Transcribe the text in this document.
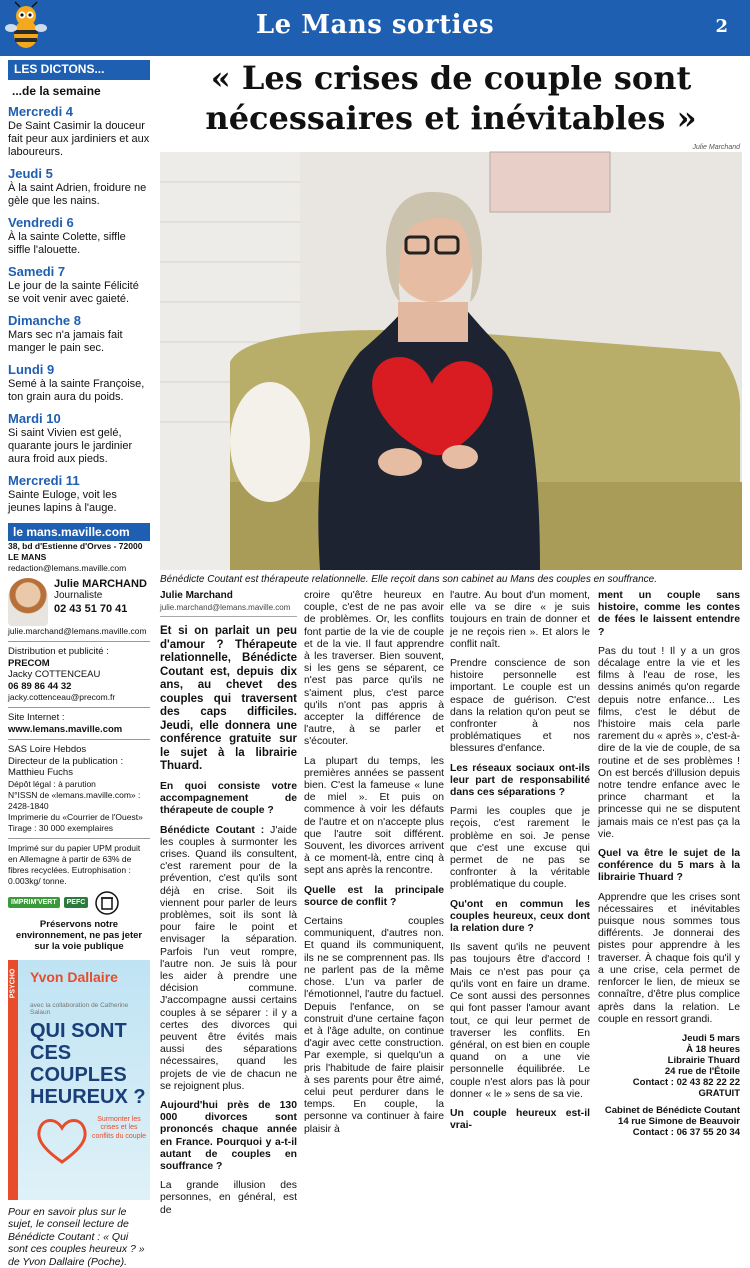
Le Mans sorties	2
LES DICTONS...
...de la semaine
Mercredi 4

De Saint Casimir la douceur fait peur aux jardiniers et aux laboureurs.

Jeudi 5

À la saint Adrien, froidure ne gèle que les nains.

Vendredi 6

À la sainte Colette, siffle siffle l'alouette.

Samedi 7

Le jour de la sainte Félicité se voit venir avec gaieté.

Dimanche 8

Mars sec n'a jamais fait manger le pain sec.

Lundi 9

Semé à la sainte Françoise, ton grain aura du poids.

Mardi 10

Si saint Vivien est gelé, quarante jours le jardinier aura froid aux pieds.

Mercredi 11

Sainte Euloge, voit les jeunes lapins à l'auge.

le mans.maville.com
38, bd d'Estienne d'Orves - 72000 LE MANS
redaction@lemans.maville.com
Julie MARCHAND
Journaliste
02 43 51 70 41
julie.marchand@lemans.maville.com
Distribution et publicité :
PRECOM
Jacky COTTENCEAU
06 89 86 44 32
jacky.cottenceau@precom.fr
Site Internet :
www.lemans.maville.com
SAS Loire Hebdos
Directeur de la publication :
Matthieu Fuchs
Dépôt légal : à parution
N°ISSN de «lemans.maville.com» : 2428-1840
Imprimerie du «Courrier de l'Ouest»
Tirage : 30 000 exemplaires
Imprimé sur du papier UPM produit en Allemagne à partir de 63% de fibres recyclées. Eutrophisation : 0.003kg/ tonne.
IMPRIM'VERT	PEFC
Préservons notre environnement, ne pas jeter sur la voie publique
PSYCHO Yvon Dallaire
avec la collaboration de Catherine Salaun
QUI SONT CES COUPLES HEUREUX ?
Surmonter les crises et les conflits du couple
Pour en savoir plus sur le sujet, le conseil lecture de Bénédicte Coutant : « Qui sont ces couples heureux ? » de Yvon Dallaire (Poche).
« Les crises de couple sont nécessaires et inévitables »
Julie Marchand
Bénédicte Coutant est thérapeute relationnelle. Elle reçoit dans son cabinet au Mans des couples en souffrance.
Julie Marchand
julie.marchand@lemans.maville.com

Et si on parlait un peu d'amour ? Thérapeute relationnelle, Bénédicte Coutant est, depuis dix ans, au chevet des couples qui traversent des caps difficiles. Jeudi, elle donnera une conférence gratuite sur le sujet à la librairie Thuard.

En quoi consiste votre accompagnement de thérapeute de couple ?

Bénédicte Coutant : J'aide les couples à surmonter les crises. Quand ils consultent, c'est rarement pour de la prévention, c'est qu'ils sont déjà en crise. Soit ils viennent pour parler de leurs problèmes, soit ils sont là pour faire le point et envisager la séparation. Parfois l'un veut rompre, l'autre non. Je suis là pour les aider à prendre une décision commune. J'accompagne aussi certains couples à se séparer : il y a certes des divorces qui peuvent être évités mais aussi des séparations nécessaires, quand les projets de vie de chacun ne se rejoignent plus.

Aujourd'hui près de 130 000 divorces sont prononcés chaque année en France. Pourquoi y a-t-il autant de couples en souffrance ?

La grande illusion des personnes, en général, est de

croire qu'être heureux en couple, c'est de ne pas avoir de problèmes. Or, les conflits font partie de la vie de couple et de la vie. Il faut apprendre à les traverser. Bien souvent, si les gens se séparent, ce n'est pas parce qu'ils ne s'aiment plus, c'est parce qu'ils n'ont pas appris à accepter la différence de l'autre, à se parler et s'écouter.

La plupart du temps, les premières années se passent bien. C'est la fameuse « lune de miel ». Et puis on commence à voir les défauts de l'autre et on n'accepte plus que l'autre soit différent. Souvent, les divorces arrivent à ce moment-là, entre cinq à sept ans après la rencontre.

Quelle est la principale source de conflit ?

Certains couples communiquent, d'autres non. Et quand ils communiquent, ils ne se comprennent pas. Ils ne parlent pas de la même chose. L'un va parler de l'émotionnel, l'autre du factuel. Depuis l'enfance, on se construit d'une certaine façon et à l'âge adulte, on continue d'agir avec cette construction. Par exemple, si quelqu'un a pris l'habitude de faire plaisir à ses parents pour être aimé, celui peut perdurer dans le temps. En couple, la personne va continuer à faire plaisir à

l'autre. Au bout d'un moment, elle va se dire « je suis toujours en train de donner et je ne reçois rien ». Et alors le conflit naît.

Prendre conscience de son histoire personnelle est important. Le couple est un espace de guérison. C'est dans la relation qu'on peut se confronter à nos problématiques et nos blessures d'enfance.

Les réseaux sociaux ont-ils leur part de responsabilité dans ces séparations ?

Parmi les couples que je reçois, c'est rarement le problème en soi. Je pense que c'est une excuse qui permet de ne pas se confronter à la véritable problématique du couple.

Qu'ont en commun les couples heureux, ceux dont la relation dure ?

Ils savent qu'ils ne peuvent pas toujours être d'accord ! Mais ce n'est pas pour ça qu'ils vont en faire un drame. Ce sont aussi des personnes qui font passer l'amour avant tout, ce qui leur permet de traverser les conflits. En général, on est bien en couple quand on a une vie personnelle équilibrée. Le couple n'est alors pas là pour donner « le » sens de sa vie.

Un couple heureux est-il vrai-

ment un couple sans histoire, comme les contes de fées le laissent entendre ?

Pas du tout ! Il y a un gros décalage entre la vie et les films à l'eau de rose, les dessins animés qu'on regarde depuis notre enfance... Les films, c'est le début de l'histoire mais cela parle rarement du « après », c'est-à-dire de la vie de couple, de sa routine et de ses problèmes ! On est bercés d'illusion depuis notre tendre enfance avec le prince charmant et la princesse qui ne se disputent jamais mais ce n'est pas ça la vie.

Quel va être le sujet de la conférence du 5 mars à la librairie Thuard ?

Apprendre que les crises sont nécessaires et inévitables puisque nous sommes tous différents. Je donnerai des pistes pour apprendre à les traverser. À chaque fois qu'il y a une crise, cela permet de renforcer le lien, de mieux se connaître, d'être plus complice après dans la relation. Le couple en ressort grandi.

Jeudi 5 mars
À 18 heures
Librairie Thuard
24 rue de l'Étoile
Contact : 02 43 82 22 22
GRATUIT
Cabinet de Bénédicte Coutant
14 rue Simone de Beauvoir
Contact : 06 37 55 20 34
